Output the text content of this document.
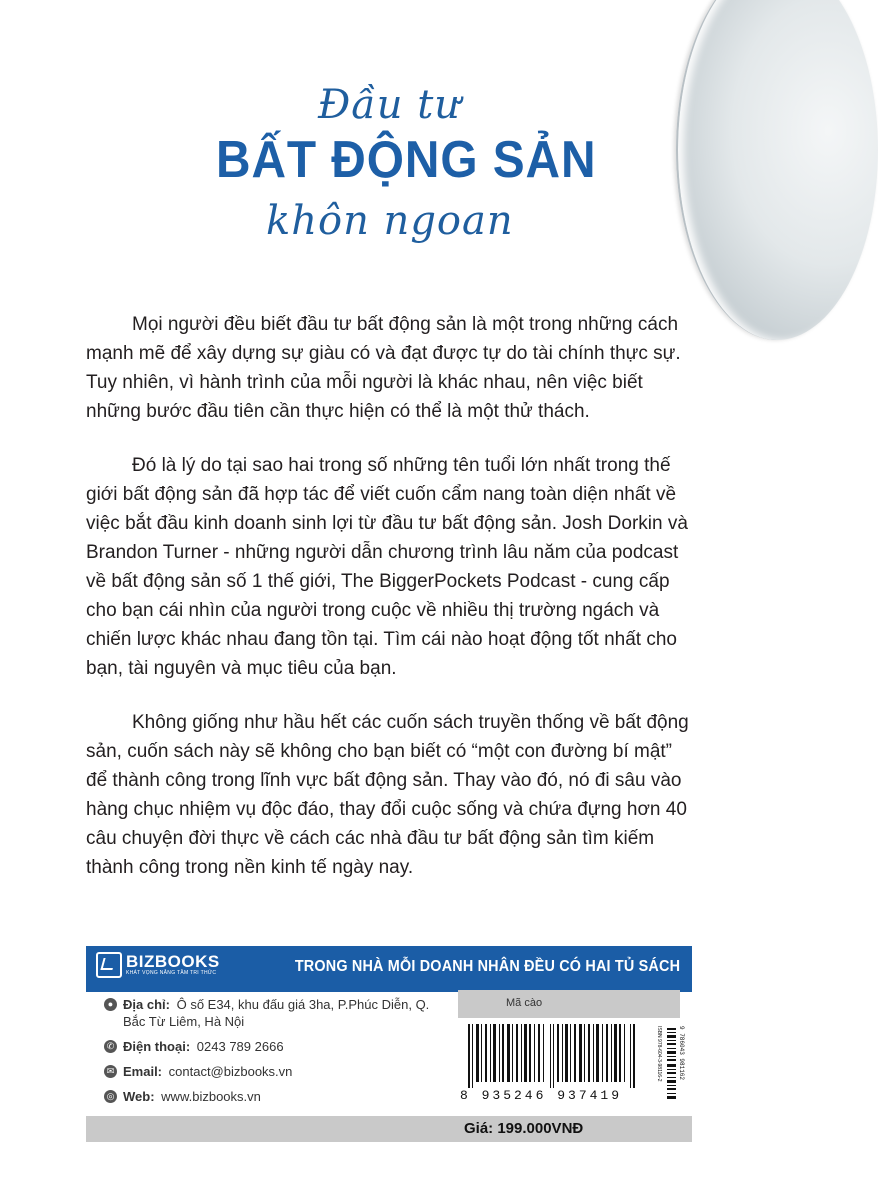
Đầu tư
BẤT ĐỘNG SẢN
khôn ngoan

Mọi người đều biết đầu tư bất động sản là một trong những cách mạnh mẽ để xây dựng sự giàu có và đạt được tự do tài chính thực sự. Tuy nhiên, vì hành trình của mỗi người là khác nhau, nên việc biết những bước đầu tiên cần thực hiện có thể là một thử thách.

Đó là lý do tại sao hai trong số những tên tuổi lớn nhất trong thế giới bất động sản đã hợp tác để viết cuốn cẩm nang toàn diện nhất về việc bắt đầu kinh doanh sinh lợi từ đầu tư bất động sản. Josh Dorkin và Brandon Turner - những người dẫn chương trình lâu năm của podcast về bất động sản số 1 thế giới, The BiggerPockets Podcast - cung cấp cho bạn cái nhìn của người trong cuộc về nhiều thị trường ngách và chiến lược khác nhau đang tồn tại. Tìm cái nào hoạt động tốt nhất cho bạn, tài nguyên và mục tiêu của bạn.

Không giống như hầu hết các cuốn sách truyền thống về bất động sản, cuốn sách này sẽ không cho bạn biết có “một con đường bí mật” để thành công trong lĩnh vực bất động sản. Thay vào đó, nó đi sâu vào hàng chục nhiệm vụ độc đáo, thay đổi cuộc sống và chứa đựng hơn 40 câu chuyện đời thực về cách các nhà đầu tư bất động sản tìm kiếm thành công trong nền kinh tế ngày nay.

BIZBOOKS
KHÁT VỌNG NÂNG TẦM TRI THỨC	TRONG NHÀ MỖI DOANH NHÂN ĐỀU CÓ HAI TỦ SÁCH
● Địa chỉ: Ô số E34, khu đấu giá 3ha, P.Phúc Diễn, Q. Bắc Từ Liêm, Hà Nội
✆ Điện thoại: 0243 789 2666
✉ Email: contact@bizbooks.vn
◎ Web: www.bizbooks.vn
Mã cào
8 935246 937419
ISBN 978-604-3-98116-2	9 786043 981162
Giá: 199.000VNĐ
